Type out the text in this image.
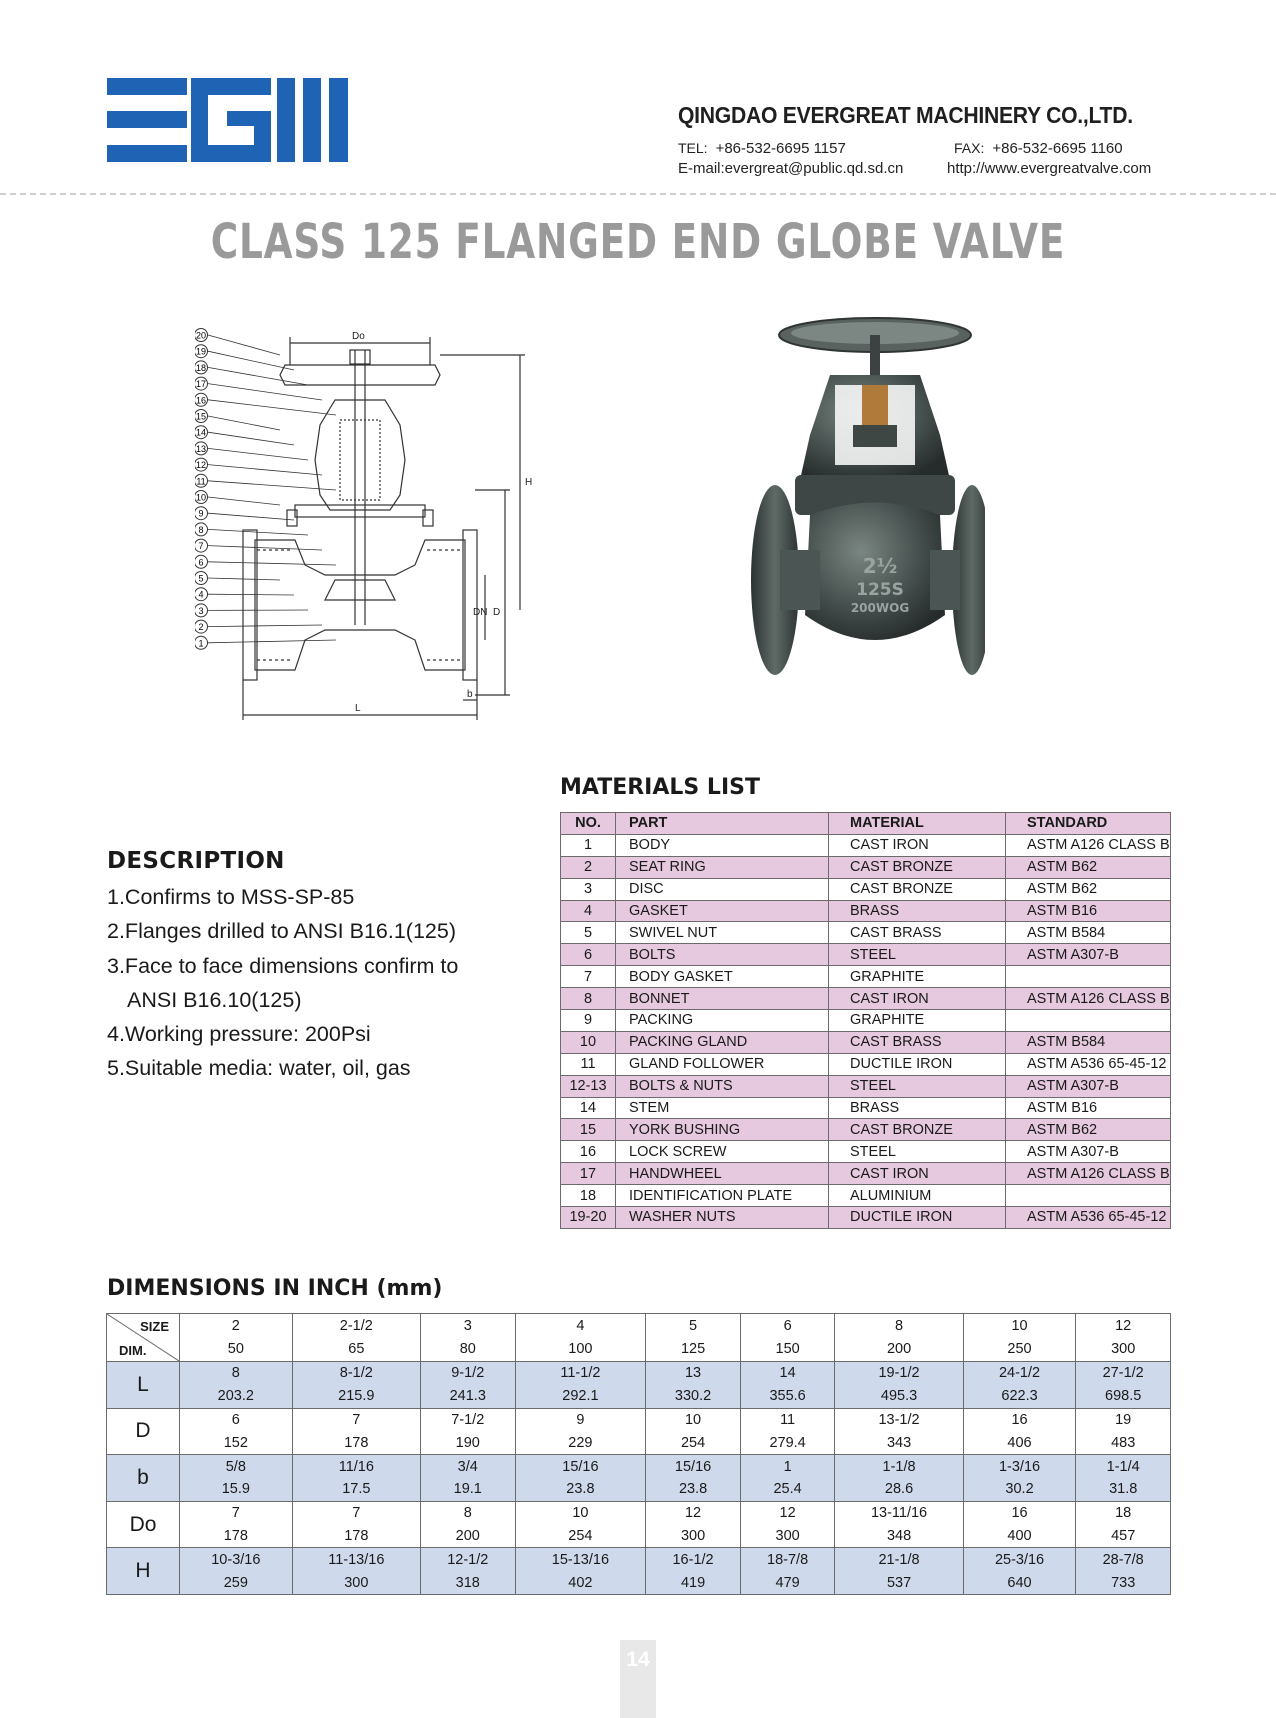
QINGDAO EVERGREAT MACHINERY CO.,LTD.
TEL: +86-532-6695 1157	FAX: +86-532-6695 1160
E-mail:evergreat@public.qd.sd.cn	http://www.evergreatvalve.com
CLASS 125 FLANGED END GLOBE VALVE
Do
H
DN D
L
b
20
19
18
17
16
15
14
13
12
11
10
9
8
7
6
5
4
3
2
1
2½
125S
200WOG
DESCRIPTION
1.Confirms to MSS-SP-85
2.Flanges drilled to ANSI B16.1(125)
3.Face to face dimensions confirm to
ANSI B16.10(125)
4.Working pressure: 200Psi
5.Suitable media: water, oil, gas
MATERIALS LIST
NO.	PART	MATERIAL	STANDARD
1	BODY	CAST IRON	ASTM A126 CLASS B
2	SEAT RING	CAST BRONZE	ASTM B62
3	DISC	CAST BRONZE	ASTM B62
4	GASKET	BRASS	ASTM B16
5	SWIVEL NUT	CAST BRASS	ASTM B584
6	BOLTS	STEEL	ASTM A307-B
7	BODY GASKET	GRAPHITE	
8	BONNET	CAST IRON	ASTM A126 CLASS B
9	PACKING	GRAPHITE	
10	PACKING GLAND	CAST BRASS	ASTM B584
11	GLAND FOLLOWER	DUCTILE IRON	ASTM A536 65-45-12
12-13	BOLTS & NUTS	STEEL	ASTM A307-B
14	STEM	BRASS	ASTM B16
15	YORK BUSHING	CAST BRONZE	ASTM B62
16	LOCK SCREW	STEEL	ASTM A307-B
17	HANDWHEEL	CAST IRON	ASTM A126 CLASS B
18	IDENTIFICATION PLATE	ALUMINIUM	
19-20	WASHER NUTS	DUCTILE IRON	ASTM A536 65-45-12
DIMENSIONS IN INCH (mm)
SIZE
DIM.	2	2-1/2	3	4	5	6	8	10	12
	50	65	80	100	125	150	200	250	300
L	8	8-1/2	9-1/2	11-1/2	13	14	19-1/2	24-1/2	27-1/2
	203.2	215.9	241.3	292.1	330.2	355.6	495.3	622.3	698.5
D	6	7	7-1/2	9	10	11	13-1/2	16	19
	152	178	190	229	254	279.4	343	406	483
b	5/8	11/16	3/4	15/16	15/16	1	1-1/8	1-3/16	1-1/4
	15.9	17.5	19.1	23.8	23.8	25.4	28.6	30.2	31.8
Do	7	7	8	10	12	12	13-11/16	16	18
	178	178	200	254	300	300	348	400	457
H	10-3/16	11-13/16	12-1/2	15-13/16	16-1/2	18-7/8	21-1/8	25-3/16	28-7/8
	259	300	318	402	419	479	537	640	733
14
